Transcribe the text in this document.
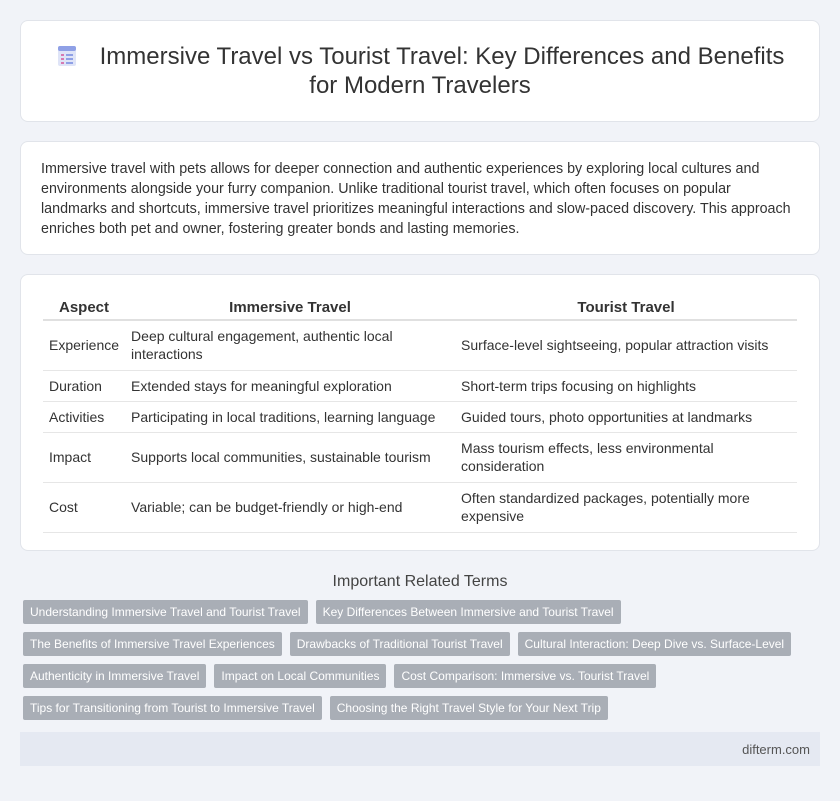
Immersive Travel vs Tourist Travel: Key Differences and Benefits for Modern Travelers

Immersive travel with pets allows for deeper connection and authentic experiences by exploring local cultures and environments alongside your furry companion. Unlike traditional tourist travel, which often focuses on popular landmarks and shortcuts, immersive travel prioritizes meaningful interactions and slow-paced discovery. This approach enriches both pet and owner, fostering greater bonds and lasting memories.

Aspect	Immersive Travel	Tourist Travel
Experience	Deep cultural engagement, authentic local interactions	Surface-level sightseeing, popular attraction visits
Duration	Extended stays for meaningful exploration	Short-term trips focusing on highlights
Activities	Participating in local traditions, learning language	Guided tours, photo opportunities at landmarks
Impact	Supports local communities, sustainable tourism	Mass tourism effects, less environmental consideration
Cost	Variable; can be budget-friendly or high-end	Often standardized packages, potentially more expensive
Important Related Terms
Understanding Immersive Travel and Tourist Travel	Key Differences Between Immersive and Tourist Travel
The Benefits of Immersive Travel Experiences	Drawbacks of Traditional Tourist Travel	Cultural Interaction: Deep Dive vs. Surface-Level
Authenticity in Immersive Travel	Impact on Local Communities	Cost Comparison: Immersive vs. Tourist Travel
Tips for Transitioning from Tourist to Immersive Travel	Choosing the Right Travel Style for Your Next Trip
difterm.com
